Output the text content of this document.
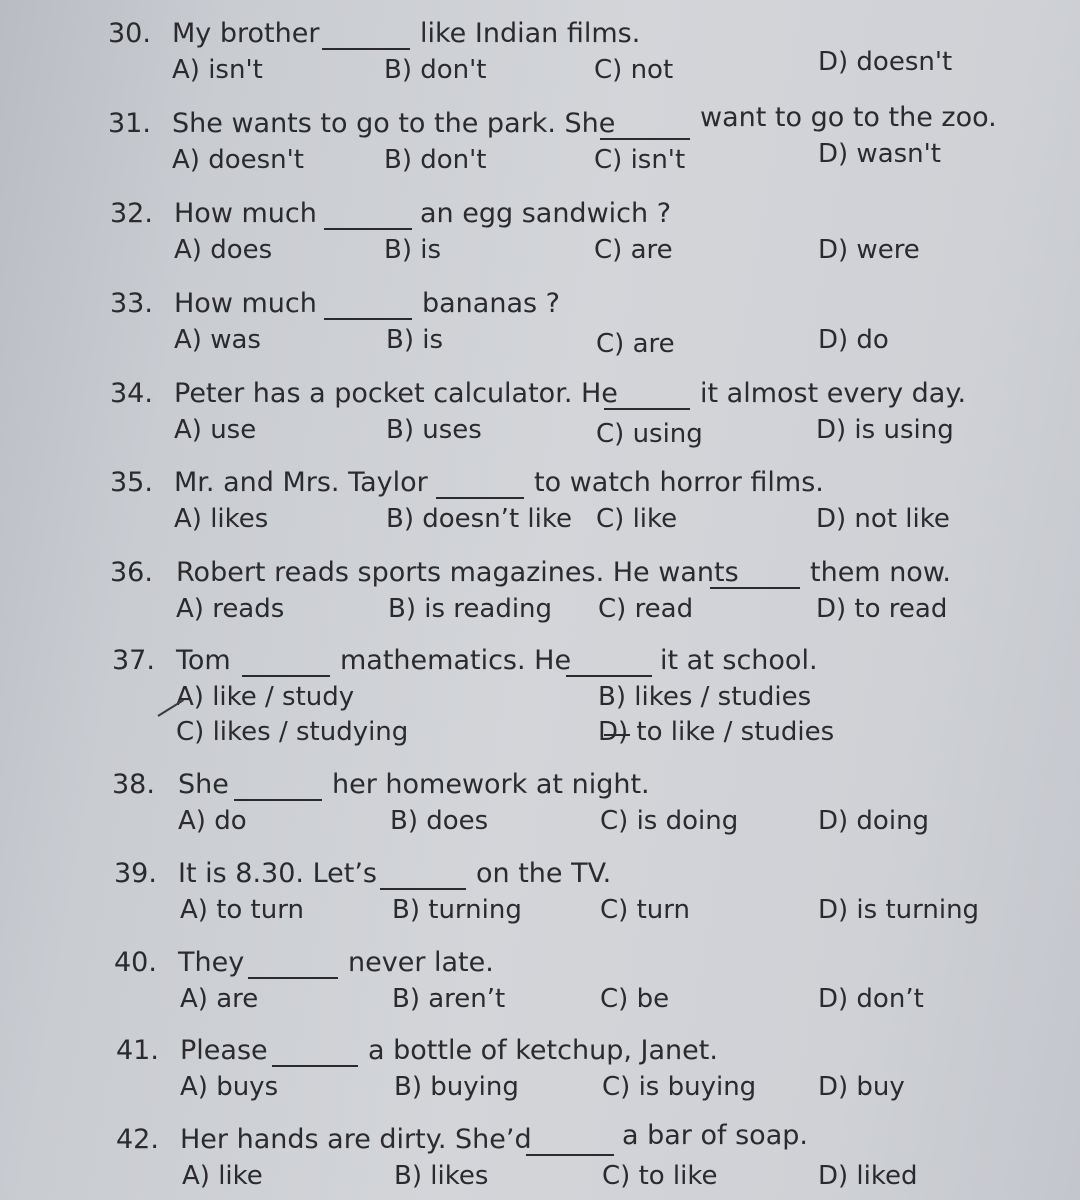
30. My brother	like Indian films.
A) isn't	B) don't	C) not	D) doesn't
31. She wants to go to the park. She	want to go to the zoo.
A) doesn't	B) don't	C) isn't	D) wasn't
32. How much	an egg sandwich ?
A) does	B) is	C) are	D) were
33. How much	bananas ?
A) was	B) is	C) are	D) do
34. Peter has a pocket calculator. He	it almost every day.
A) use	B) uses	C) using	D) is using
35. Mr. and Mrs. Taylor	to watch horror films.
A) likes	B) doesn’t like C) like	D) not like
36. Robert reads sports magazines. He wants	them now.
A) reads	B) is reading C) read	D) to read
37. Tom	mathematics. He	it at school.
A) like / study	B) likes / studies
C) likes / studying	D) to like / studies
38. She	her homework at night.
A) do	B) does	C) is doing	D) doing
39. It is 8.30. Let’s	on the TV.
A) to turn	B) turning	C) turn	D) is turning
40. They	never late.
A) are	B) aren’t	C) be	D) don’t
41. Please	a bottle of ketchup, Janet.
A) buys	B) buying	C) is buying D) buy
42. Her hands are dirty. She’d	a bar of soap.
A) like	B) likes	C) to like	D) liked
